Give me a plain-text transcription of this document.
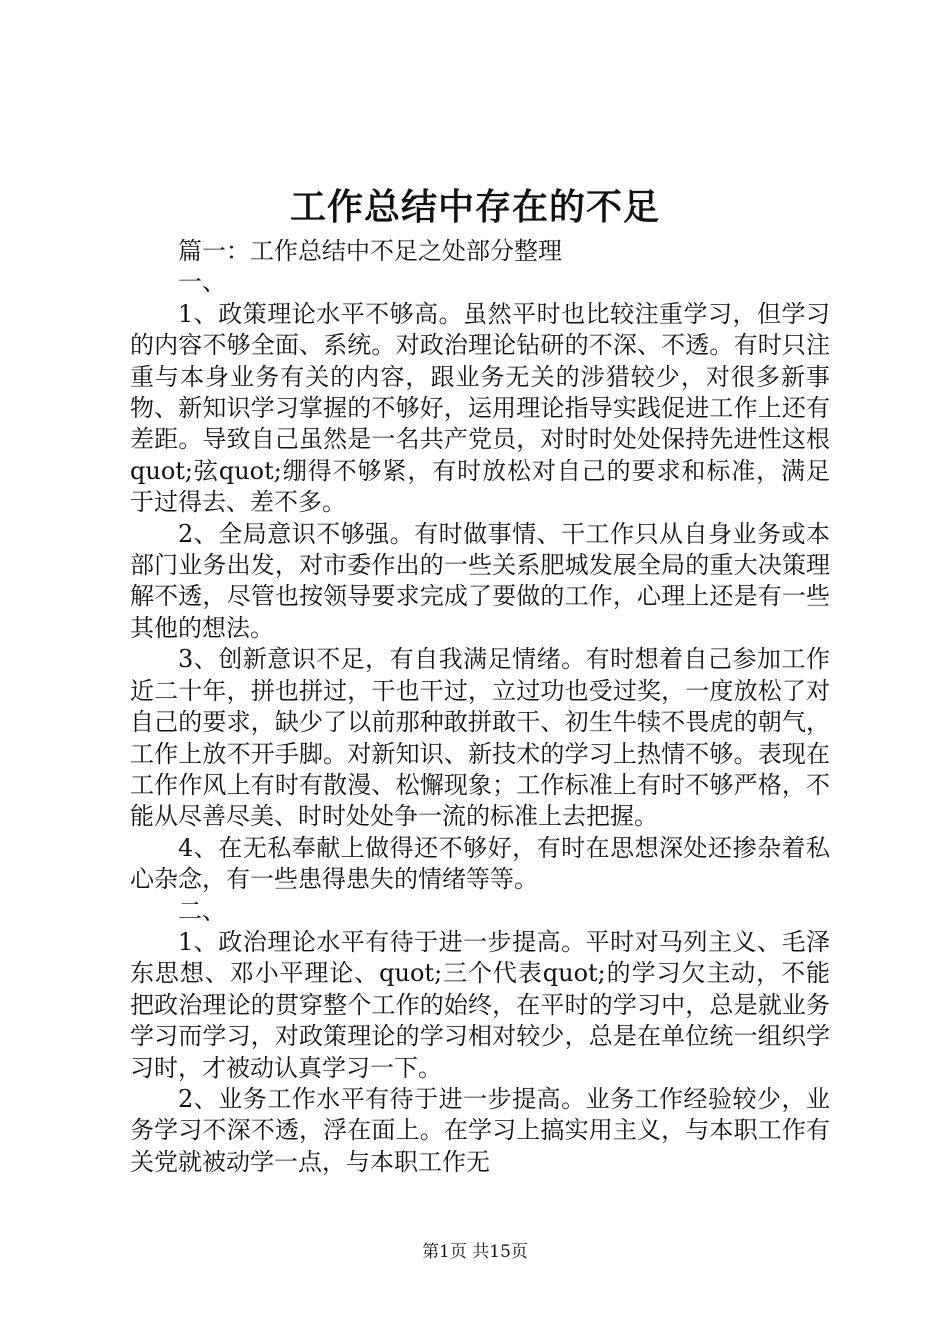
工作总结中存在的不足

篇一：工作总结中不足之处部分整理

一、

1、政策理论水平不够高。虽然平时也比较注重学习，但学习的内容不够全面、系统。对政治理论钻研的不深、不透。有时只注重与本身业务有关的内容，跟业务无关的涉猎较少，对很多新事物、新知识学习掌握的不够好，运用理论指导实践促进工作上还有差距。导致自己虽然是一名共产党员，对时时处处保持先进性这根quot;弦quot;绷得不够紧，有时放松对自己的要求和标准，满足于过得去、差不多。

2、全局意识不够强。有时做事情、干工作只从自身业务或本部门业务出发，对市委作出的一些关系肥城发展全局的重大决策理解不透，尽管也按领导要求完成了要做的工作，心理上还是有一些其他的想法。

3、创新意识不足，有自我满足情绪。有时想着自己参加工作近二十年，拼也拼过，干也干过，立过功也受过奖，一度放松了对自己的要求，缺少了以前那种敢拼敢干、初生牛犊不畏虎的朝气，工作上放不开手脚。对新知识、新技术的学习上热情不够。表现在工作作风上有时有散漫、松懈现象；工作标准上有时不够严格，不能从尽善尽美、时时处处争一流的标准上去把握。

4、在无私奉献上做得还不够好，有时在思想深处还掺杂着私心杂念，有一些患得患失的情绪等等。

二、

1、政治理论水平有待于进一步提高。平时对马列主义、毛泽东思想、邓小平理论、quot;三个代表quot;的学习欠主动，不能把政治理论的贯穿整个工作的始终，在平时的学习中，总是就业务学习而学习，对政策理论的学习相对较少，总是在单位统一组织学习时，才被动认真学习一下。

2、业务工作水平有待于进一步提高。业务工作经验较少，业务学习不深不透，浮在面上。在学习上搞实用主义，与本职工作有关党就被动学一点，与本职工作无

第1页 共15页
